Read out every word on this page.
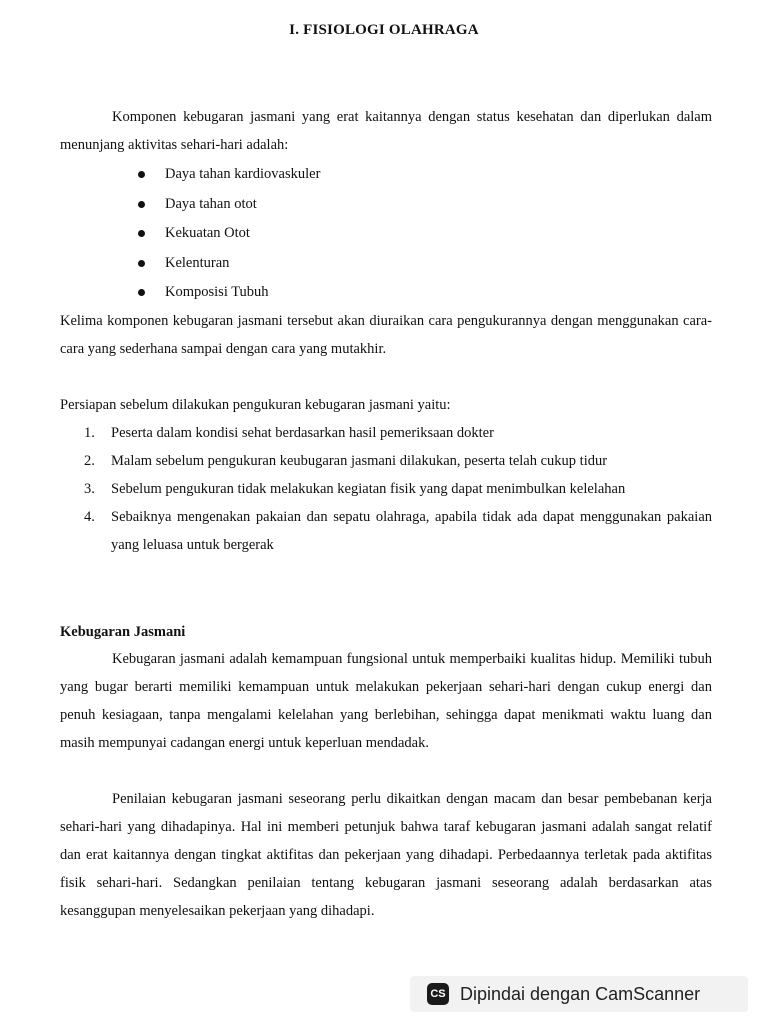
I. FISIOLOGI OLAHRAGA

Komponen kebugaran jasmani yang erat kaitannya dengan status kesehatan dan diperlukan dalam menunjang aktivitas sehari-hari adalah:

Daya tahan kardiovaskuler
Daya tahan otot
Kekuatan Otot
Kelenturan
Komposisi Tubuh

Kelima komponen kebugaran jasmani tersebut akan diuraikan cara pengukurannya dengan menggunakan cara-cara yang sederhana sampai dengan cara yang mutakhir.

Persiapan sebelum dilakukan pengukuran kebugaran jasmani yaitu:

1. Peserta dalam kondisi sehat berdasarkan hasil pemeriksaan dokter
2. Malam sebelum pengukuran keubugaran jasmani dilakukan, peserta telah cukup tidur
3. Sebelum pengukuran tidak melakukan kegiatan fisik yang dapat menimbulkan kelelahan
4. Sebaiknya mengenakan pakaian dan sepatu olahraga, apabila tidak ada dapat menggunakan pakaian yang leluasa untuk bergerak
Kebugaran Jasmani

Kebugaran jasmani adalah kemampuan fungsional untuk memperbaiki kualitas hidup. Memiliki tubuh yang bugar berarti memiliki kemampuan untuk melakukan pekerjaan sehari-hari dengan cukup energi dan penuh kesiagaan, tanpa mengalami kelelahan yang berlebihan, sehingga dapat menikmati waktu luang dan masih mempunyai cadangan energi untuk keperluan mendadak.

Penilaian kebugaran jasmani seseorang perlu dikaitkan dengan macam dan besar pembebanan kerja sehari-hari yang dihadapinya. Hal ini memberi petunjuk bahwa taraf kebugaran jasmani adalah sangat relatif dan erat kaitannya dengan tingkat aktifitas dan pekerjaan yang dihadapi. Perbedaannya terletak pada aktifitas fisik sehari-hari. Sedangkan penilaian tentang kebugaran jasmani seseorang adalah berdasarkan atas kesanggupan menyelesaikan pekerjaan yang dihadapi.

CS Dipindai dengan CamScanner
